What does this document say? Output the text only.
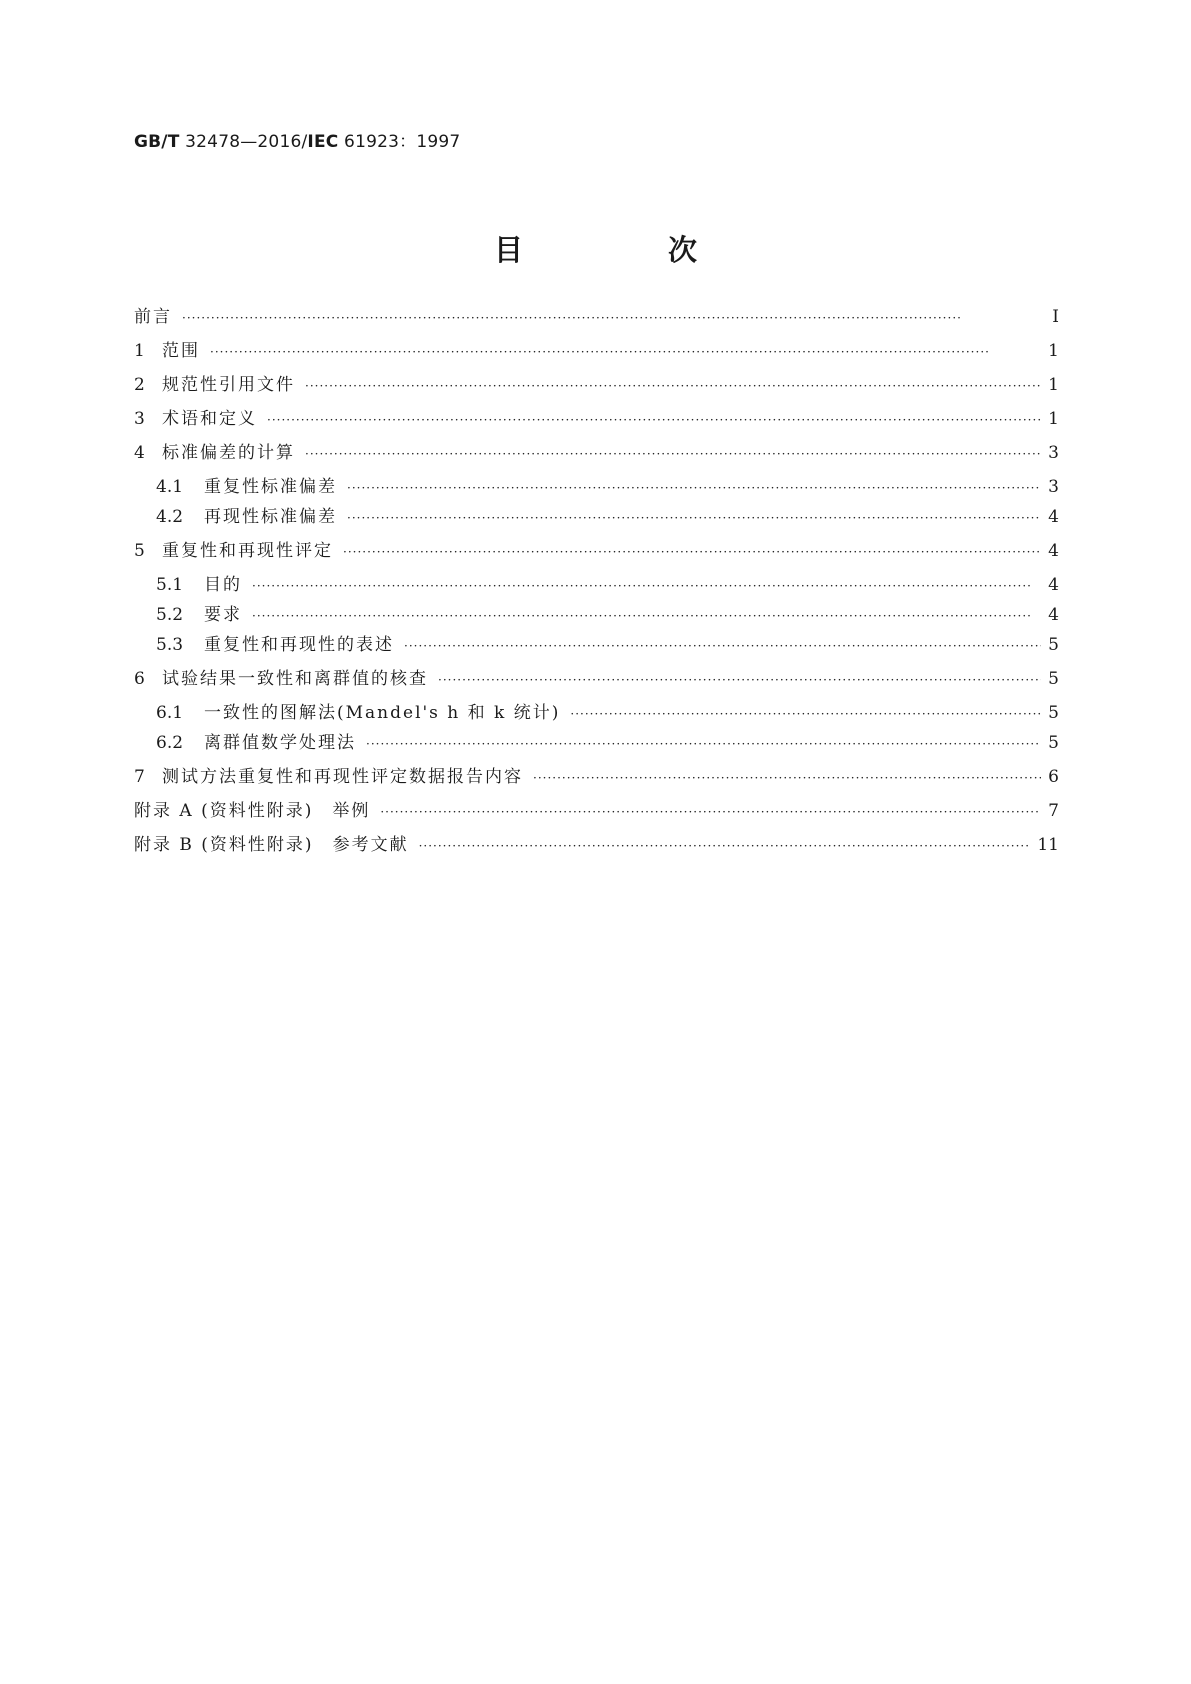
GB/T 32478—2016/IEC 61923：1997
目　次
前言 ·····	Ⅰ
1	范围 ·····	1
2	规范性引用文件 ·····	1
3	术语和定义 ·····	1
4	标准偏差的计算 ·····	3
4.1	重复性标准偏差 ·····	3
4.2	再现性标准偏差 ·····	4
5	重复性和再现性评定 ·····	4
5.1	目的 ·····	4
5.2	要求 ·····	4
5.3	重复性和再现性的表述 ·····	5
6	试验结果一致性和离群值的核查 ·····	5
6.1	一致性的图解法(Mandel's h 和 k 统计) ·····	5
6.2	离群值数学处理法 ·····	5
7	测试方法重复性和再现性评定数据报告内容 ·····	6
附录 A (资料性附录)　举例 ·····	7
附录 B (资料性附录)　参考文献 ·····	11
